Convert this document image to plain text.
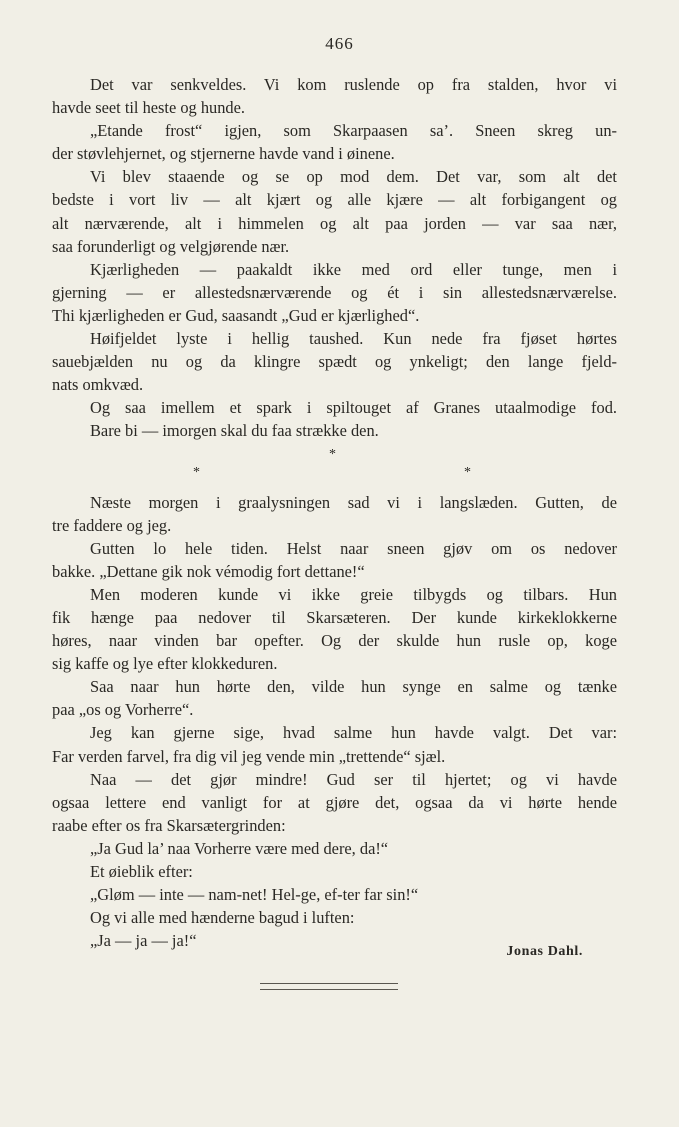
466
Det var senkveldes. Vi kom ruslende op fra stalden, hvor vi
havde seet til heste og hunde.
„Etande frost“ igjen, som Skarpaasen sa’. Sneen skreg un-
der støvlehjernet, og stjernerne havde vand i øinene.
Vi blev staaende og se op mod dem. Det var, som alt det
bedste i vort liv — alt kjært og alle kjære — alt forbigangent og
alt nærværende, alt i himmelen og alt paa jorden — var saa nær,
saa forunderligt og velgjørende nær.
Kjærligheden — paakaldt ikke med ord eller tunge, men i
gjerning — er allestedsnærværende og ét i sin allestedsnærværelse.
Thi kjærligheden er Gud, saasandt „Gud er kjærlighed“.
Høifjeldet lyste i hellig taushed. Kun nede fra fjøset hørtes
sauebjælden nu og da klingre spædt og ynkeligt; den lange fjeld-
nats omkvæd.
Og saa imellem et spark i spiltouget af Granes utaalmodige fod.
Bare bi — imorgen skal du faa strække den.
*
*	*
Næste morgen i graalysningen sad vi i langslæden. Gutten, de
tre faddere og jeg.
Gutten lo hele tiden. Helst naar sneen gjøv om os nedover
bakke. „Dettane gik nok vémodig fort dettane!“
Men moderen kunde vi ikke greie tilbygds og tilbars. Hun
fik hænge paa nedover til Skarsæteren. Der kunde kirkeklokkerne
høres, naar vinden bar opefter. Og der skulde hun rusle op, koge
sig kaffe og lye efter klokkeduren.
Saa naar hun hørte den, vilde hun synge en salme og tænke
paa „os og Vorherre“.
Jeg kan gjerne sige, hvad salme hun havde valgt. Det var:
Far verden farvel, fra dig vil jeg vende min „trettende“ sjæl.
Naa — det gjør mindre! Gud ser til hjertet; og vi havde
ogsaa lettere end vanligt for at gjøre det, ogsaa da vi hørte hende
raabe efter os fra Skarsætergrinden:
„Ja Gud la’ naa Vorherre være med dere, da!“
Et øieblik efter:
„Gløm — inte — nam-net! Hel-ge, ef-ter far sin!“
Og vi alle med hænderne bagud i luften:
„Ja — ja — ja!“
Jonas Dahl.
